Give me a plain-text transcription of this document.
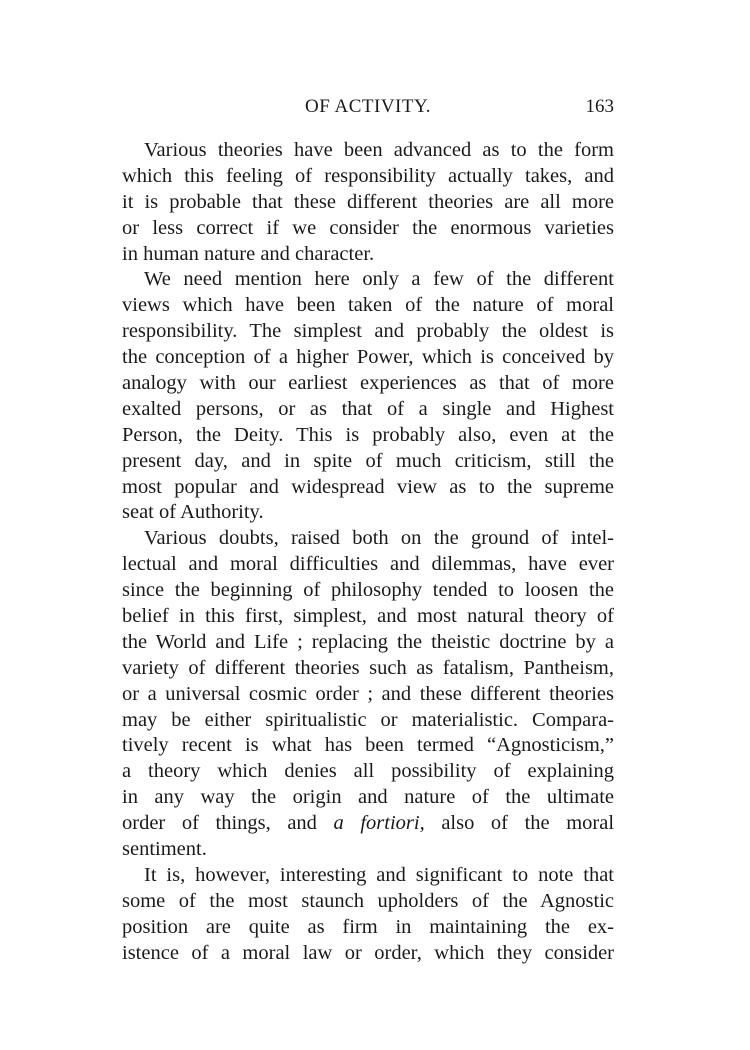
OF ACTIVITY.	163
Various theories have been advanced as to the form
which this feeling of responsibility actually takes, and
it is probable that these different theories are all more
or less correct if we consider the enormous varieties
in human nature and character.
We need mention here only a few of the different
views which have been taken of the nature of moral
responsibility. The simplest and probably the oldest is
the conception of a higher Power, which is conceived by
analogy with our earliest experiences as that of more
exalted persons, or as that of a single and Highest
Person, the Deity. This is probably also, even at the
present day, and in spite of much criticism, still the
most popular and widespread view as to the supreme
seat of Authority.
Various doubts, raised both on the ground of intel-
lectual and moral difficulties and dilemmas, have ever
since the beginning of philosophy tended to loosen the
belief in this first, simplest, and most natural theory of
the World and Life ; replacing the theistic doctrine by a
variety of different theories such as fatalism, Pantheism,
or a universal cosmic order ; and these different theories
may be either spiritualistic or materialistic. Compara-
tively recent is what has been termed “Agnosticism,”
a theory which denies all possibility of explaining
in any way the origin and nature of the ultimate
order of things, and a fortiori, also of the moral
sentiment.
It is, however, interesting and significant to note that
some of the most staunch upholders of the Agnostic
position are quite as firm in maintaining the ex-
istence of a moral law or order, which they consider
